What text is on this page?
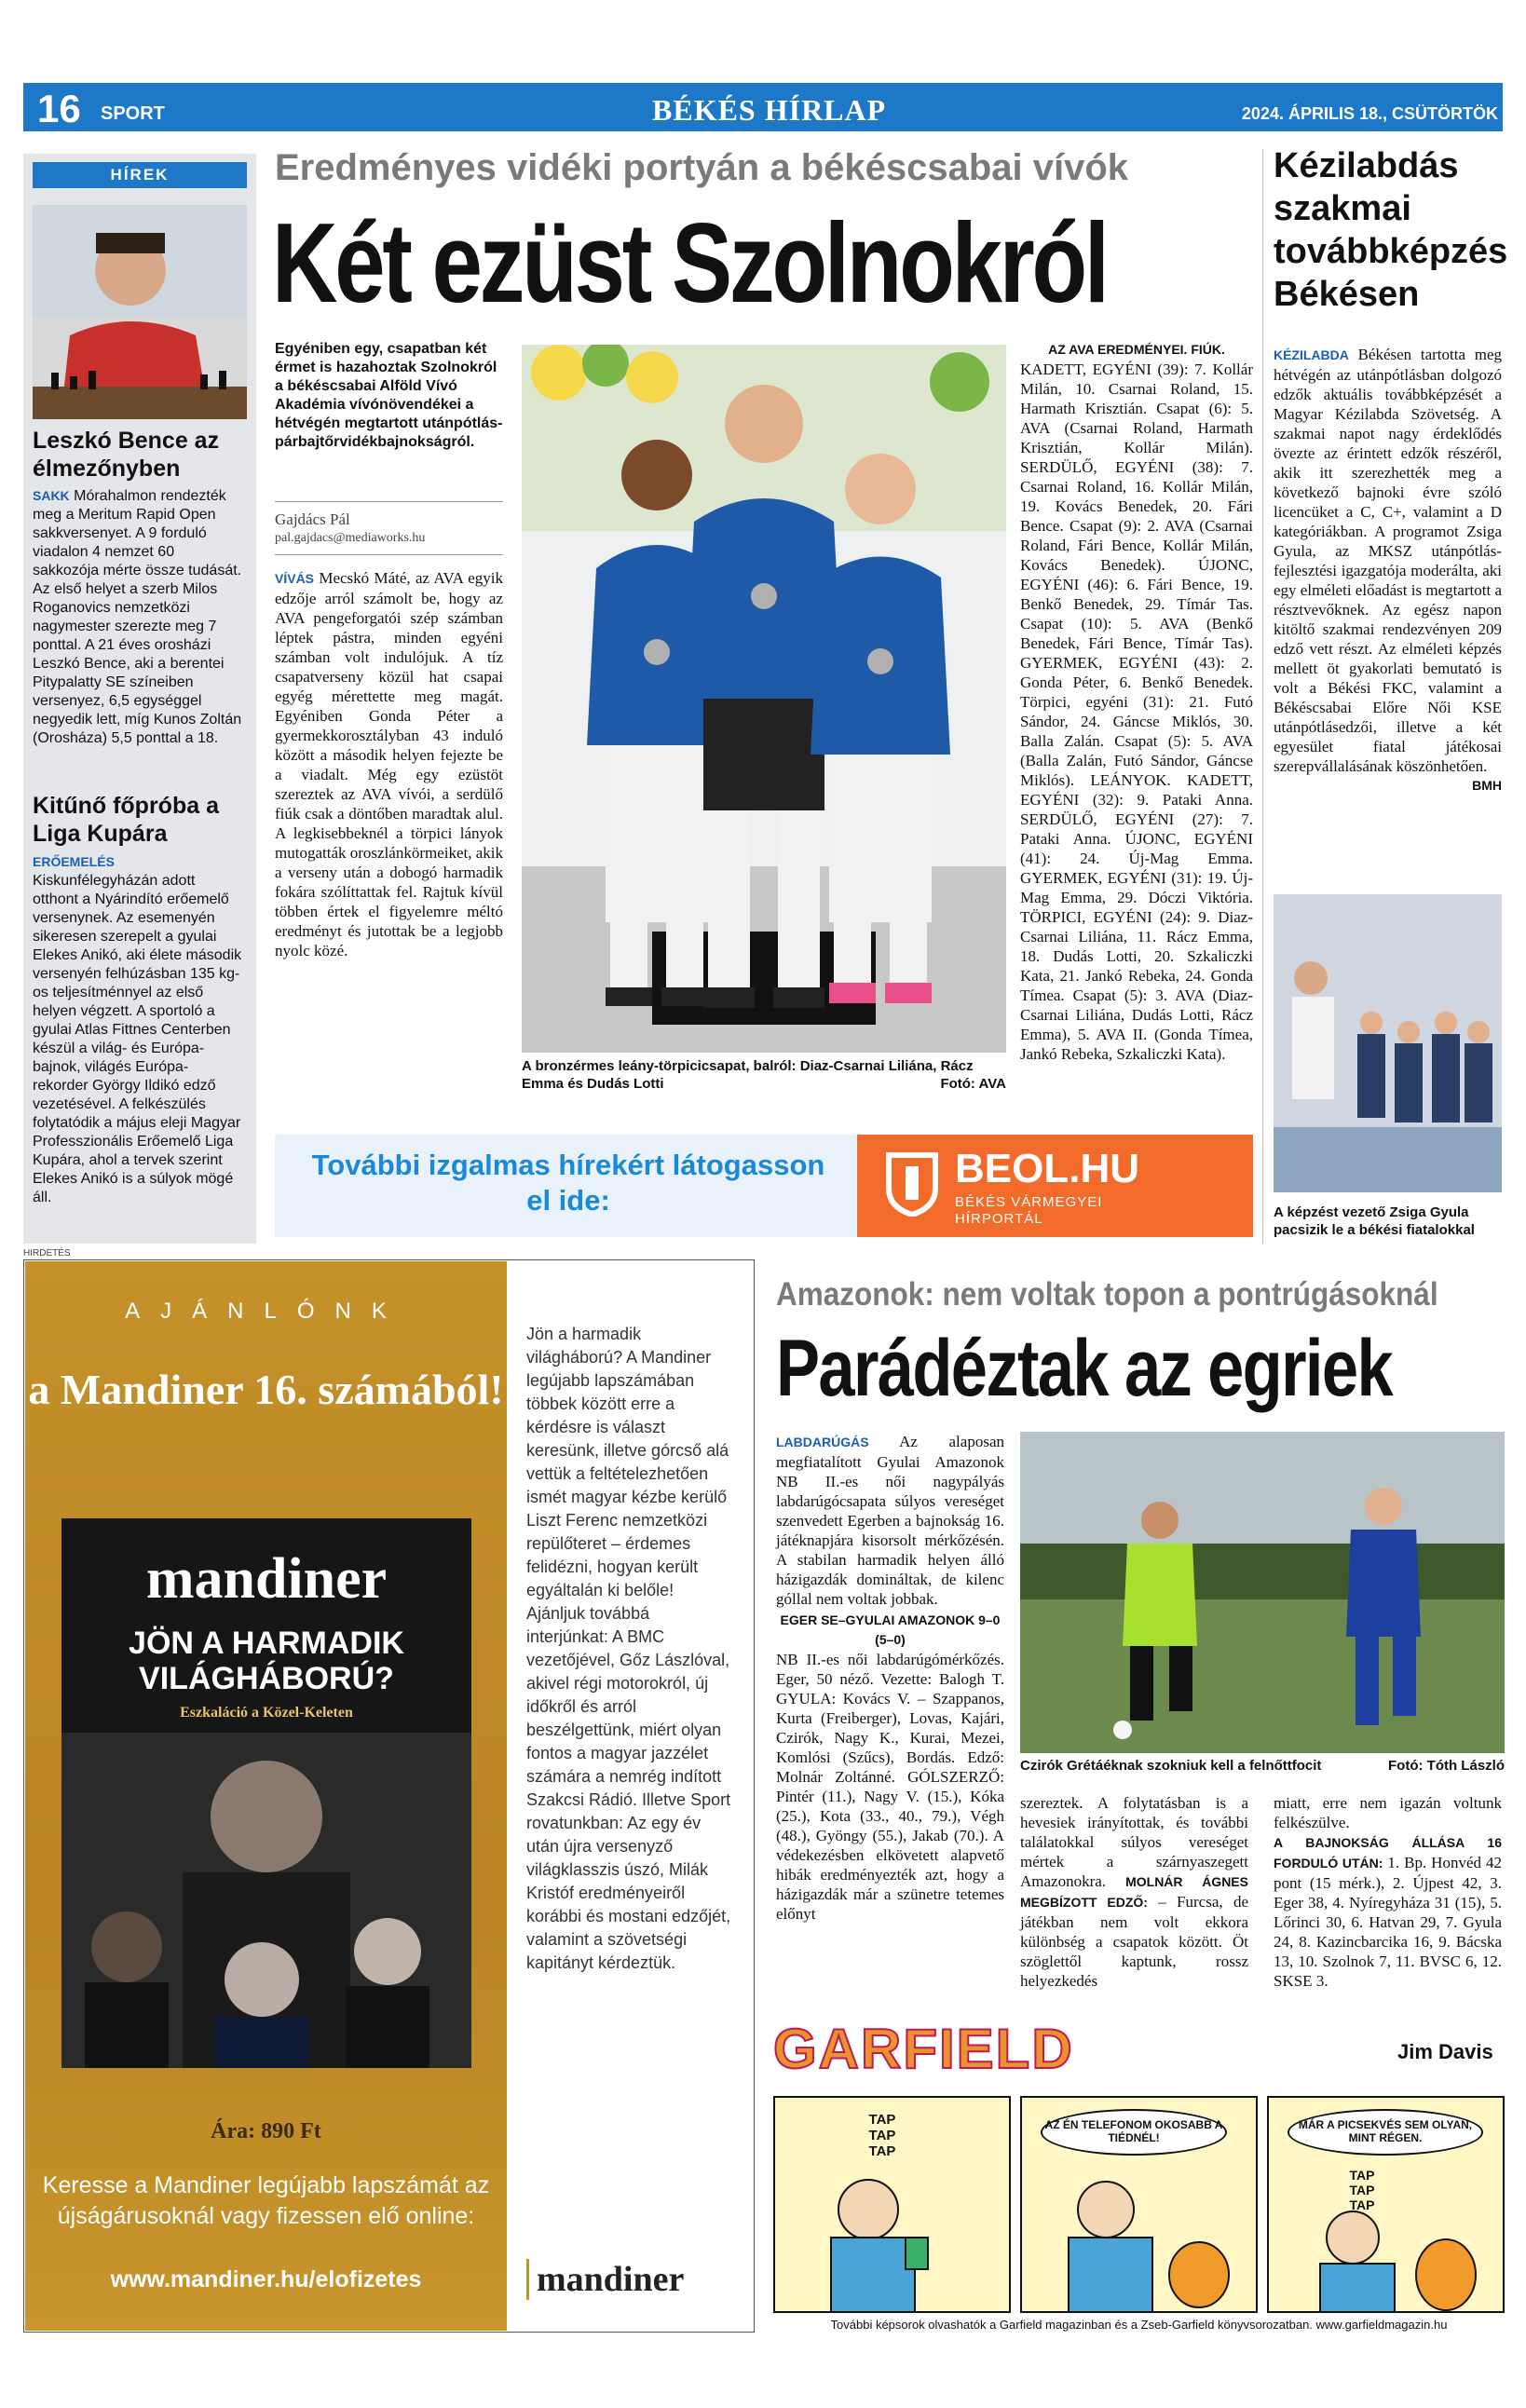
16 SPORT	BÉKÉS HÍRLAP	2024. ÁPRILIS 18., CSÜTÖRTÖK
HÍREK
Leszkó Bence az élmezőnyben
SAKK Mórahalmon rendezték meg a Meritum Rapid Open sakkversenyet. A 9 forduló viadalon 4 nemzet 60 sakkozója mérte össze tudását. Az első helyet a szerb Milos Roganovics nemzetközi nagymester szerezte meg 7 ponttal. A 21 éves orosházi Leszkó Bence, aki a berentei Pitypalatty SE színeiben versenyez, 6,5 egységgel negyedik lett, míg Kunos Zoltán (Orosháza) 5,5 ponttal a 18.
Kitűnő főpróba a Liga Kupára
ERŐEMELÉS Kiskunfélegyházán adott otthont a Nyárindító erőemelő versenynek. Az esemenyén sikeresen szerepelt a gyulai Elekes Anikó, aki élete második versenyén felhúzásban 135 kg-os teljesítménnyel az első helyen végzett. A sportoló a gyulai Atlas Fittnes Centerben készül a világ- és Európa-bajnok, világés Európa-rekorder György Ildikó edző vezetésével. A felkészülés folytatódik a május eleji Magyar Professzionális Erőemelő Liga Kupára, ahol a tervek szerint Elekes Anikó is a súlyok mögé áll.
Eredményes vidéki portyán a békéscsabai vívók
Két ezüst Szolnokról
Egyéniben egy, csapatban két érmet is hazahoztak Szolnokról a békéscsabai Alföld Vívó Akadémia vívónövendékei a hétvégén megtartott utánpótlás-párbajtőrvidékbajnokságról.
Gajdács Pál
pal.gajdacs@mediaworks.hu
VÍVÁS Mecskó Máté, az AVA egyik edzője arról számolt be, hogy az AVA pengeforgatói szép számban léptek pástra, minden egyéni számban volt indulójuk. A tíz csapatverseny közül hat csapai egyég mérettette meg magát. Egyéniben Gonda Péter a gyermekkorosztályban 43 induló között a második helyen fejezte be a viadalt. Még egy ezüstöt szereztek az AVA vívói, a serdülő fiúk csak a döntőben maradtak alul. A legkisebbeknél a törpici lányok mutogatták oroszlánkörmeiket, akik a verseny után a dobogó harmadik fokára szólíttattak fel. Rajtuk kívül többen értek el figyelemre méltó eredményt és jutottak be a legjobb nyolc közé.
A bronzérmes leány-törpicicsapat, balról: Diaz-Csarnai Liliána, Rácz Emma és Dudás Lotti	Fotó: AVA
AZ AVA EREDMÉNYEI. FIÚK.
KADETT, EGYÉNI (39): 7. Kollár Milán, 10. Csarnai Roland, 15. Harmath Krisztián. Csapat (6): 5. AVA (Csarnai Roland, Harmath Krisztián, Kollár Milán). SERDÜLŐ, EGYÉNI (38): 7. Csarnai Roland, 16. Kollár Milán, 19. Kovács Benedek, 20. Fári Bence. Csapat (9): 2. AVA (Csarnai Roland, Fári Bence, Kollár Milán, Kovács Benedek). ÚJONC, EGYÉNI (46): 6. Fári Bence, 19. Benkő Benedek, 29. Tímár Tas. Csapat (10): 5. AVA (Benkő Benedek, Fári Bence, Tímár Tas). GYERMEK, EGYÉNI (43): 2. Gonda Péter, 6. Benkő Benedek. Törpici, egyéni (31): 21. Futó Sándor, 24. Gáncse Miklós, 30. Balla Zalán. Csapat (5): 5. AVA (Balla Zalán, Futó Sándor, Gáncse Miklós). LEÁNYOK. KADETT, EGYÉNI (32): 9. Pataki Anna. SERDÜLŐ, EGYÉNI (27): 7. Pataki Anna. ÚJONC, EGYÉNI (41): 24. Új-Mag Emma. GYERMEK, EGYÉNI (31): 19. Új-Mag Emma, 29. Dóczi Viktória. TÖRPICI, EGYÉNI (24): 9. Diaz-Csarnai Liliána, 11. Rácz Emma, 18. Dudás Lotti, 20. Szkaliczki Kata, 21. Jankó Rebeka, 24. Gonda Tímea. Csapat (5): 3. AVA (Diaz-Csarnai Liliána, Dudás Lotti, Rácz Emma), 5. AVA II. (Gonda Tímea, Jankó Rebeka, Szkaliczki Kata).
További izgalmas hírekért látogasson el ide:
BEOL.HU
BÉKÉS VÁRMEGYEI HÍRPORTÁL
Kézilabdás szakmai továbbképzés Békésen
KÉZILABDA Békésen tartotta meg hétvégén az utánpótlásban dolgozó edzők aktuális továbbképzését a Magyar Kézilabda Szövetség. A szakmai napot nagy érdeklődés övezte az érintett edzők részéről, akik itt szerezhették meg a következő bajnoki évre szóló licencüket a C, C+, valamint a D kategóriákban. A programot Zsiga Gyula, az MKSZ utánpótlás-fejlesztési igazgatója moderálta, aki egy elméleti előadást is megtartott a résztvevőknek. Az egész napon kitöltő szakmai rendezvényen 209 edző vett részt. Az elméleti képzés mellett öt gyakorlati bemutató is volt a Békési FKC, valamint a Békéscsabai Előre Női KSE utánpótlásedzői, illetve a két egyesület fiatal játékosai szerepvállalásának köszönhetően.
BMH
A képzést vezető Zsiga Gyula pacsizik le a békési fiatalokkal
HIRDETÉS
AJÁNLÓNK
a Mandiner 16. számából!
mandiner
JÖN A HARMADIK VILÁGHÁBORÚ?
Eszkaláció a Közel-Keleten
Ára: 890 Ft
Keresse a Mandiner legújabb lapszámát az újságárusoknál vagy fizessen elő online:
www.mandiner.hu/elofizetes
Jön a harmadik világháború? A Mandiner legújabb lapszámában többek között erre a kérdésre is választ keresünk, illetve górcső alá vettük a feltételezhetően ismét magyar kézbe kerülő Liszt Ferenc nemzetközi repülőteret – érdemes felidézni, hogyan került egyáltalán ki belőle! Ajánljuk továbbá interjúnkat: A BMC vezetőjével, Gőz Lászlóval, akivel régi motorokról, új időkről és arról beszélgettünk, miért olyan fontos a magyar jazzélet számára a nemrég indított Szakcsi Rádió. Illetve Sport rovatunkban: Az egy év után újra versenyző világklasszis úszó, Milák Kristóf eredményeiről korábbi és mostani edzőjét, valamint a szövetségi kapitányt kérdeztük.
mandiner
Amazonok: nem voltak topon a pontrúgásoknál
Parádéztak az egriek
LABDARÚGÁS Az alaposan megfiatalított Gyulai Amazonok NB II.-es női nagypályás labdarúgócsapata súlyos vereséget szenvedett Egerben a bajnokság 16. játéknapjára kisorsolt mérkőzésén. A stabilan harmadik helyen álló házigazdák domináltak, de kilenc góllal nem voltak jobbak.
EGER SE–GYULAI AMAZONOK 9–0 (5–0)
NB II.-es női labdarúgómérkőzés. Eger, 50 néző. Vezette: Balogh T. GYULA: Kovács V. – Szappanos, Kurta (Freiberger), Lovas, Kajári, Czirók, Nagy K., Kurai, Mezei, Komlósi (Szűcs), Bordás. Edző: Molnár Zoltánné. GÓLSZERZŐ: Pintér (11.), Nagy V. (15.), Kóka (25.), Kota (33., 40., 79.), Végh (48.), Gyöngy (55.), Jakab (70.). A védekezésben elkövetett alapvető hibák eredményezték azt, hogy a házigazdák már a szünetre tetemes előnyt
Czirók Grétáéknak szokniuk kell a felnőttfocit	Fotó: Tóth László
szereztek. A folytatásban is a hevesiek irányítottak, és további találatokkal súlyos vereséget mértek a szárnyaszegett Amazonokra. MOLNÁR ÁGNES MEGBÍZOTT EDZŐ: – Furcsa, de játékban nem volt ekkora különbség a csapatok között. Öt szöglettől kaptunk, rossz helyezkedés
miatt, erre nem igazán voltunk felkészülve.
A BAJNOKSÁG ÁLLÁSA 16 FORDULÓ UTÁN: 1. Bp. Honvéd 42 pont (15 mérk.), 2. Újpest 42, 3. Eger 38, 4. Nyíregyháza 31 (15), 5. Lőrinci 30, 6. Hatvan 29, 7. Gyula 24, 8. Kazincbarcika 16, 9. Bácska 13, 10. Szolnok 7, 11. BVSC 6, 12. SKSE 3.
GARFIELD	Jim Davis
TAP TAP TAP
AZ ÉN TELEFONOM OKOSABB A TIÉDNÉL!
MÁR A PICSEKVÉS SEM OLYAN, MINT RÉGEN.
TAP TAP TAP
További képsorok olvashatók a Garfield magazinban és a Zseb-Garfield könyvsorozatban. www.garfieldmagazin.hu
